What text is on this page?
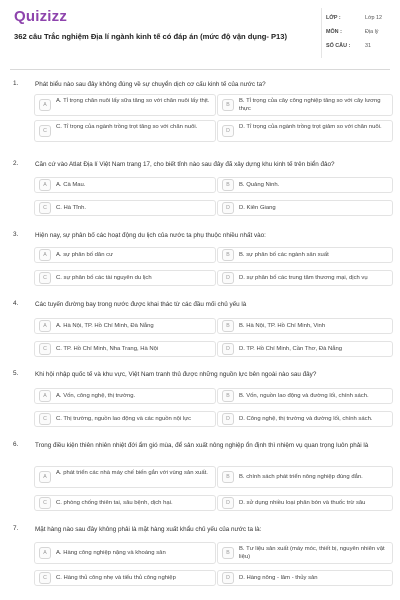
Quizizz
362 câu Trắc nghiệm Địa lí ngành kinh tế có đáp án (mức độ vận dụng- P13)
LỚP :	Lớp 12
MÔN :	Địa lý
SỐ CÂU :	31
1.	Phát biểu nào sau đây không đúng về sự chuyển dịch cơ cấu kinh tế của nước ta?
A
A. Tỉ trọng chăn nuôi lấy sữa tăng so với chăn nuôi lấy thịt.
B
B. Tỉ trọng của cây công nghiệp tăng so với cây lương thực
C
C. Tỉ trọng của ngành trồng trọt tăng so với chăn nuôi.
D
D. Tỉ trọng của ngành trồng trọt giảm so với chăn nuôi.
2.	Căn cứ vào Atlat Địa lí Việt Nam trang 17, cho biết tỉnh nào sau đây đã xây dựng khu kinh tế trên biển đảo?
A	A. Cà Mau.	B	B. Quảng Ninh.
C	C. Hà Tĩnh.	D	D. Kiên Giang
3.	Hiện nay, sự phân bố các hoạt động du lịch của nước ta phụ thuộc nhiều nhất vào:
A	A. sự phân bố dân cư	B	B. sự phân bố các ngành sản xuất
C	C. sự phân bố các tài nguyên du lịch	D	D. sự phân bố các trung tâm thương mại, dịch vụ
4.	Các tuyến đường bay trong nước được khai thác từ các đầu mối chủ yếu là
A	A. Hà Nội, TP. Hồ Chí Minh, Đà Nẵng	B	B. Hà Nội, TP. Hồ Chí Minh, Vinh
C	C. TP. Hồ Chí Minh, Nha Trang, Hà Nội	D	D. TP. Hồ Chí Minh, Cần Thơ, Đà Nẵng
5.	Khi hội nhập quốc tế và khu vực, Việt Nam tranh thủ được những nguồn lực bên ngoài nào sau đây?
A	A. Vốn, công nghệ, thị trường.	B	B. Vốn, nguồn lao động và đường lối, chính sách.
C	C. Thị trường, nguồn lao động và các nguồn nội lực	D	D. Công nghệ, thị trường và đường lối, chính sách.
6.	Trong điều kiện thiên nhiên nhiệt đới ẩm gió mùa, để sản xuất nông nghiệp ổn định thì nhiệm vụ quan trọng luôn phải là
A
A. phát triển các nhà máy chế biến gắn với vùng sản xuất.
B	B. chính sách phát triển nông nghiệp đúng đắn.
C	C. phòng chống thiên tai, sâu bệnh, dịch hại.	D	D. sử dụng nhiều loại phân bón và thuốc trừ sâu
7.	Mặt hàng nào sau đây không phải là mặt hàng xuất khẩu chủ yếu của nước ta là:
A	A. Hàng công nghiệp nặng và khoáng sản	B
B. Tư liệu sản xuất (máy móc, thiết bị, nguyên nhiên vật liệu)
C	C. Hàng thủ công nhẹ và tiểu thủ công nghiệp	D	D. Hàng nông - lâm - thủy sản
